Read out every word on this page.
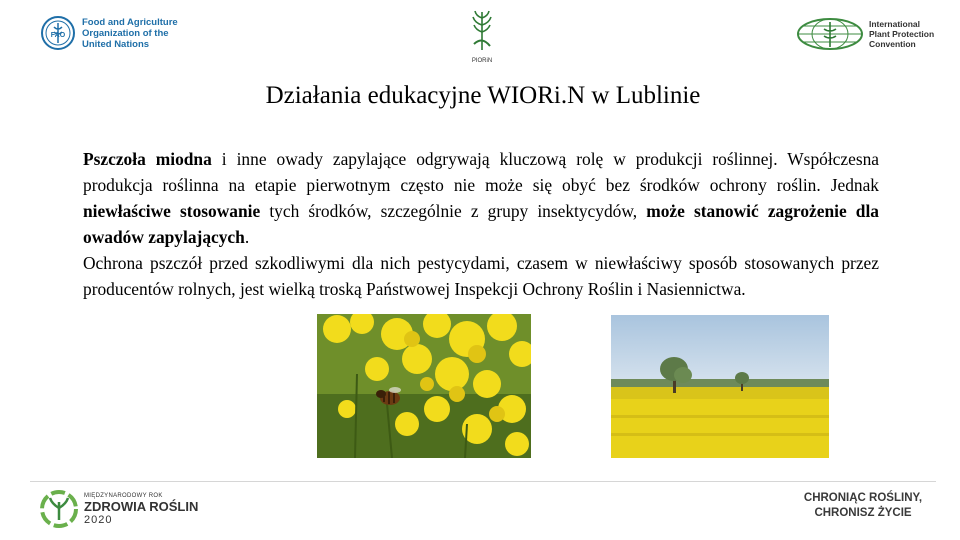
FAO
Food and Agriculture
Organization of the
United Nations
PIORiN
International
Plant Protection
Convention
Działania edukacyjne WIORi.N w Lublinie

Pszczoła miodna i inne owady zapylające odgrywają kluczową rolę w produkcji roślinnej. Współczesna produkcja roślinna na etapie pierwotnym często nie może się obyć bez środków ochrony roślin. Jednak niewłaściwe stosowanie tych środków, szczególnie z grupy insektycydów, może stanowić zagrożenie dla owadów zapylających.

Ochrona pszczół przed szkodliwymi dla nich pestycydami, czasem w niewłaściwy sposób stosowanych przez producentów rolnych, jest wielką troską Państwowej Inspekcji Ochrony Roślin i Nasiennictwa.

MIĘDZYNARODOWY ROK
ZDROWIA ROŚLIN
2020
CHRONIĄC ROŚLINY,
CHRONISZ ŻYCIE
